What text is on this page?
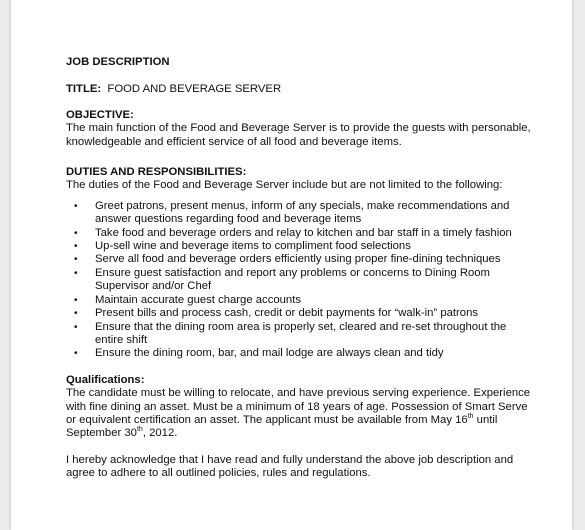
JOB DESCRIPTION

TITLE: FOOD AND BEVERAGE SERVER

OBJECTIVE:

The main function of the Food and Beverage Server is to provide the guests with personable, knowledgeable and efficient service of all food and beverage items.

DUTIES AND RESPONSIBILITIES:

The duties of the Food and Beverage Server include but are not limited to the following:

• Greet patrons, present menus, inform of any specials, make recommendations and answer questions regarding food and beverage items
• Take food and beverage orders and relay to kitchen and bar staff in a timely fashion
• Up-sell wine and beverage items to compliment food selections
• Serve all food and beverage orders efficiently using proper fine-dining techniques
• Ensure guest satisfaction and report any problems or concerns to Dining Room Supervisor and/or Chef
• Maintain accurate guest charge accounts
• Present bills and process cash, credit or debit payments for “walk-in” patrons
• Ensure that the dining room area is properly set, cleared and re-set throughout the entire shift
• Ensure the dining room, bar, and mail lodge are always clean and tidy

Qualifications:

The candidate must be willing to relocate, and have previous serving experience. Experience with fine dining an asset. Must be a minimum of 18 years of age. Possession of Smart Serve or equivalent certification an asset. The applicant must be available from May 16th until September 30th, 2012.

I hereby acknowledge that I have read and fully understand the above job description and agree to adhere to all outlined policies, rules and regulations.
